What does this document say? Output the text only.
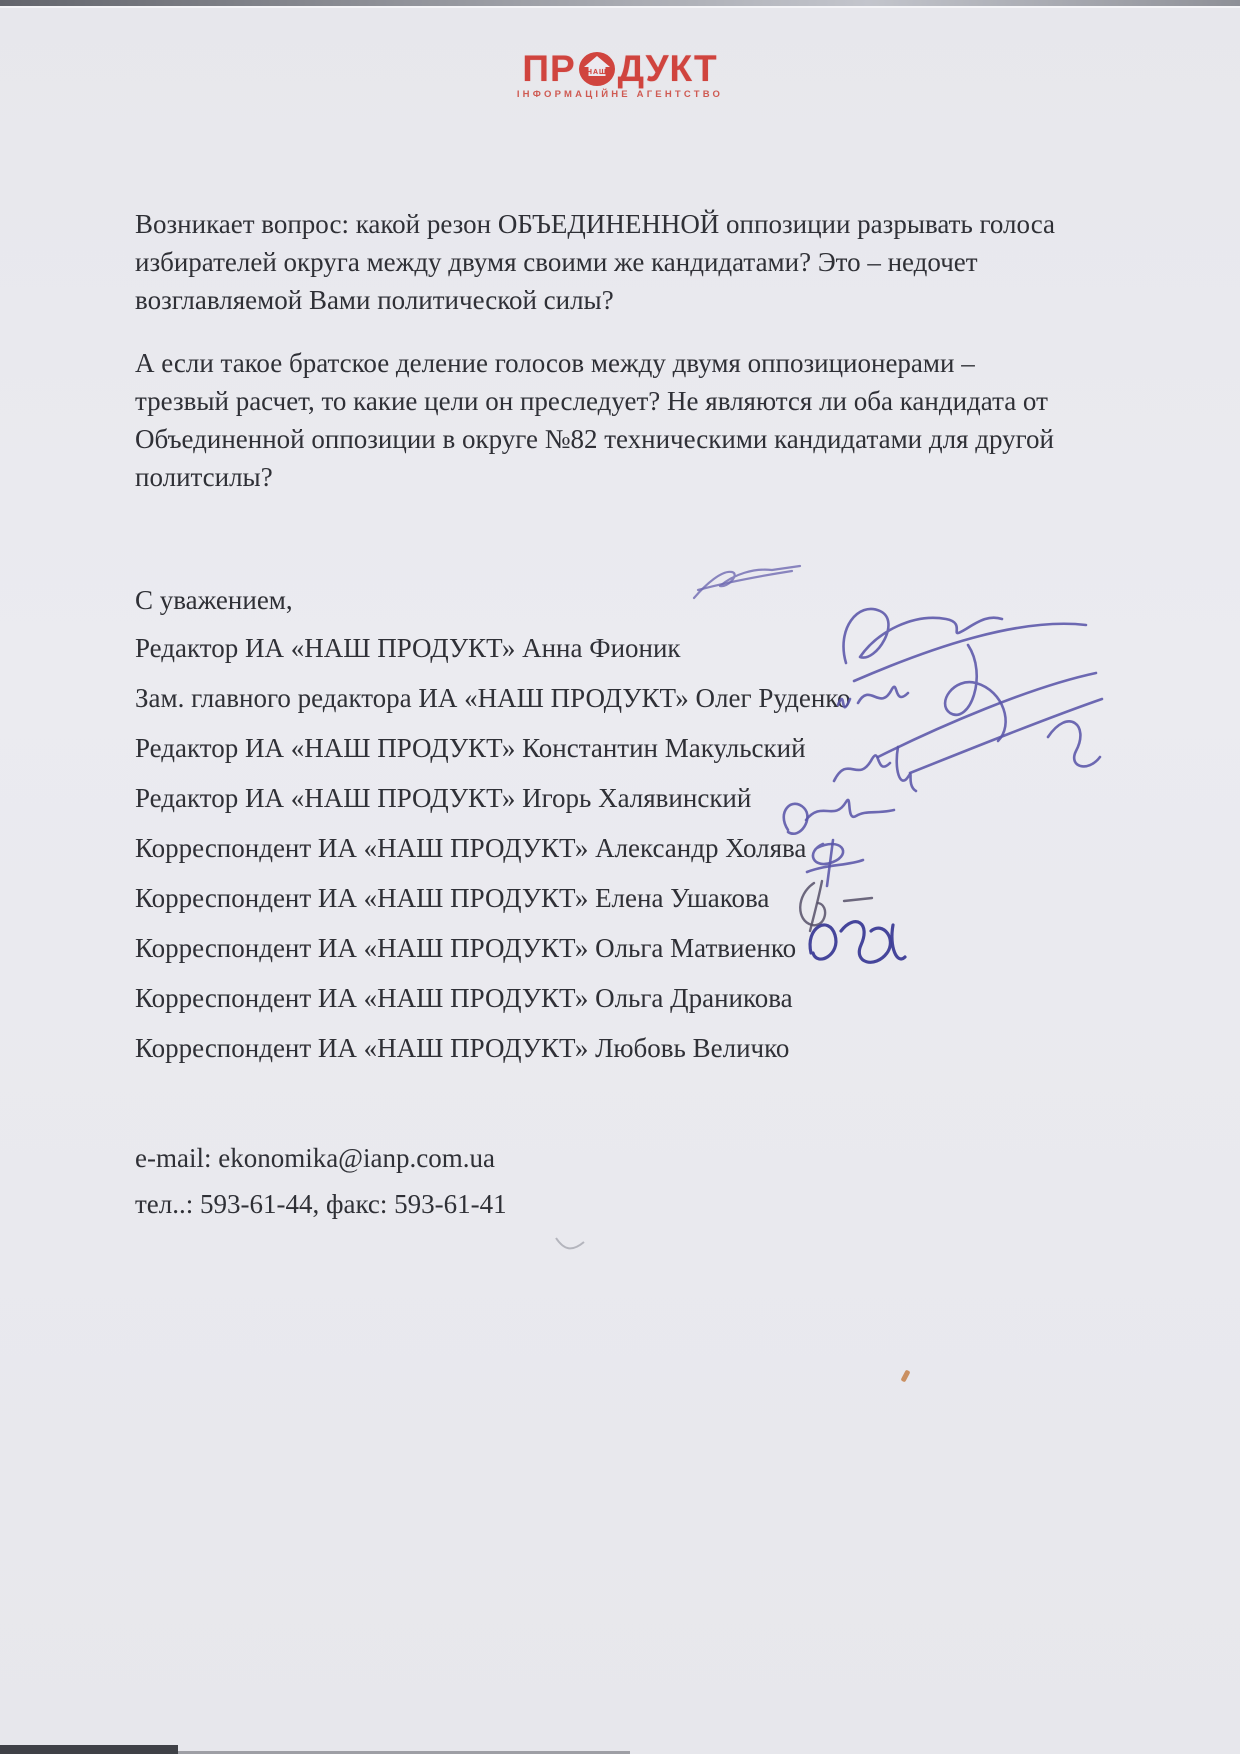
ПР НАШ ДУКТ
ІНФОРМАЦІЙНЕ АГЕНТСТВО
Возникает вопрос: какой резон ОБЪЕДИНЕННОЙ оппозиции разрывать голоса
избирателей округа между двумя своими же кандидатами? Это – недочет
возглавляемой Вами политической силы?
А если такое братское деление голосов между двумя оппозиционерами –
трезвый расчет, то какие цели он преследует? Не являются ли оба кандидата от
Объединенной оппозиции в округе №82 техническими кандидатами для другой
политсилы?
С уважением,
Редактор ИА «НАШ ПРОДУКТ» Анна Фионик
Зам. главного редактора ИА «НАШ ПРОДУКТ» Олег Руденко
Редактор ИА «НАШ ПРОДУКТ» Константин Макульский
Редактор ИА «НАШ ПРОДУКТ» Игорь Халявинский
Корреспондент ИА «НАШ ПРОДУКТ» Александр Холява
Корреспондент ИА «НАШ ПРОДУКТ» Елена Ушакова
Корреспондент ИА «НАШ ПРОДУКТ» Ольга Матвиенко
Корреспондент ИА «НАШ ПРОДУКТ» Ольга Драникова
Корреспондент ИА «НАШ ПРОДУКТ» Любовь Величко
e-mail: ekonomika@ianp.com.ua
тел..: 593-61-44, факс: 593-61-41
